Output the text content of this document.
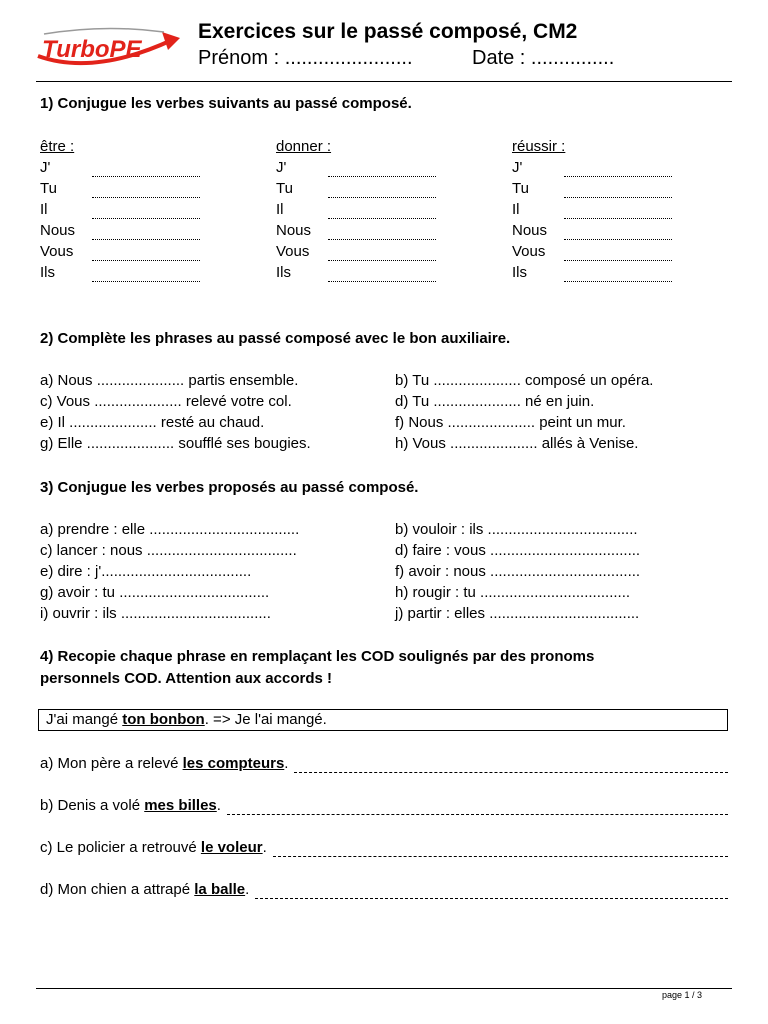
TurboPE
Exercices sur le passé composé, CM2
Prénom : .......................	Date : ...............
1) Conjugue les verbes suivants au passé composé.
être :
J'
Tu
Il
Nous
Vous
Ils
donner :
J'
Tu
Il
Nous
Vous
Ils
réussir :
J'
Tu
Il
Nous
Vous
Ils
2) Complète les phrases au passé composé avec le bon auxiliaire.
a) Nous ..................... partis ensemble.
c) Vous ..................... relevé votre col.
e) Il ..................... resté au chaud.
g) Elle ..................... soufflé ses bougies.
b) Tu ..................... composé un opéra.
d) Tu ..................... né en juin.
f) Nous ..................... peint un mur.
h) Vous ..................... allés à Venise.
3) Conjugue les verbes proposés au passé composé.
a) prendre : elle ....................................
c) lancer : nous ....................................
e) dire : j'....................................
g) avoir : tu ....................................
i) ouvrir : ils ....................................
b) vouloir : ils ....................................
d) faire : vous ....................................
f) avoir : nous ....................................
h) rougir : tu ....................................
j) partir : elles ....................................
4) Recopie chaque phrase en remplaçant les COD soulignés par des pronoms
personnels COD. Attention aux accords !
J'ai mangé ton bonbon. => Je l'ai mangé.
a) Mon père a relevé les compteurs.
b) Denis a volé mes billes.
c) Le policier a retrouvé le voleur.
d) Mon chien a attrapé la balle.
page 1 / 3
